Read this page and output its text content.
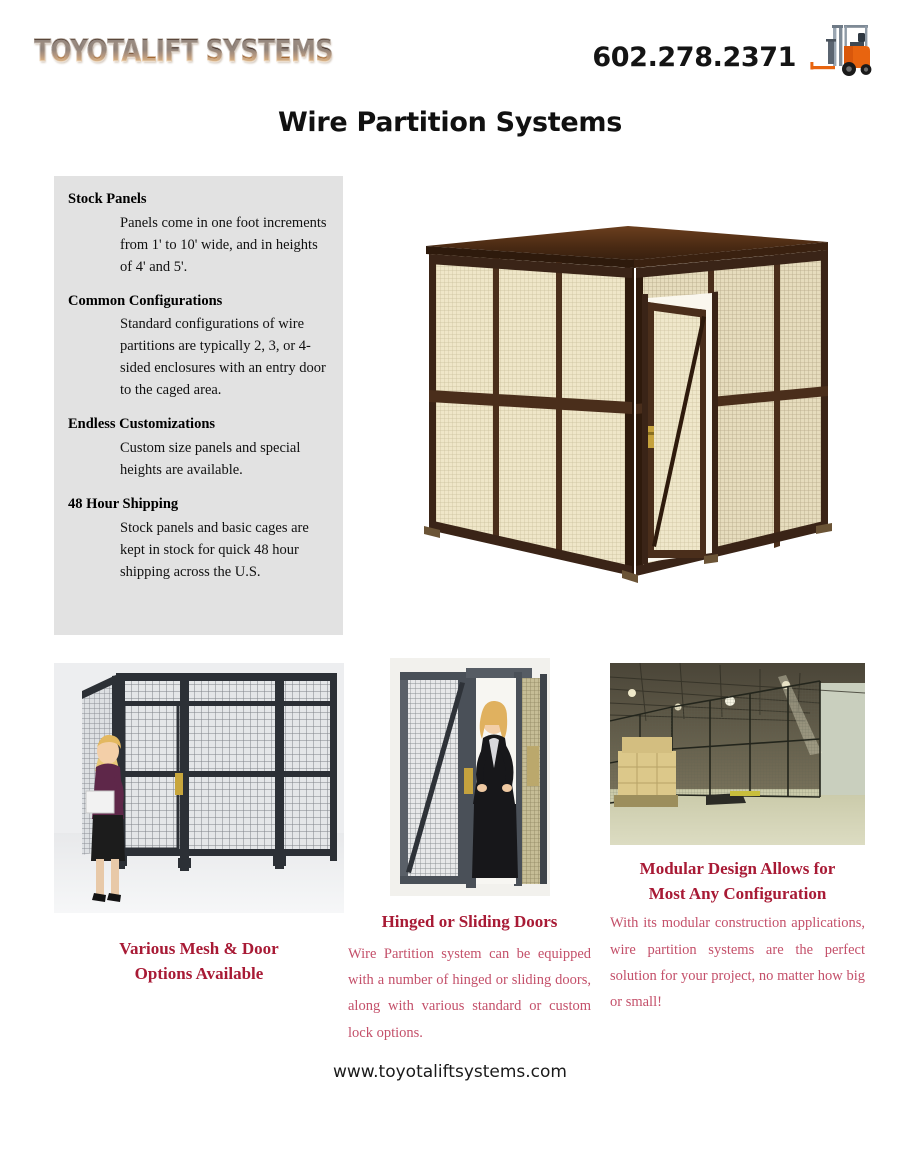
TOYOTALIFT SYSTEMS	602.278.2371
Wire Partition Systems
Stock Panels
Panels come in one foot increments from 1' to 10' wide, and in heights of 4' and 5'.
Common Configurations
Standard configurations of wire partitions are typically 2, 3, or 4-sided enclosures with an entry door to the caged area.
Endless Customizations
Custom size panels and special heights are available.
48 Hour Shipping
Stock panels and basic cages are kept in stock for quick 48 hour shipping across the U.S.
Various Mesh & Door
Options Available
Hinged or Sliding Doors
Wire Partition system can be equipped with a number of hinged or sliding doors, along with various standard or custom lock options.
Modular Design Allows for
Most Any Configuration
With its modular construction applications, wire partition systems are the perfect solution for your project, no matter how big or small!
www.toyotaliftsystems.com
